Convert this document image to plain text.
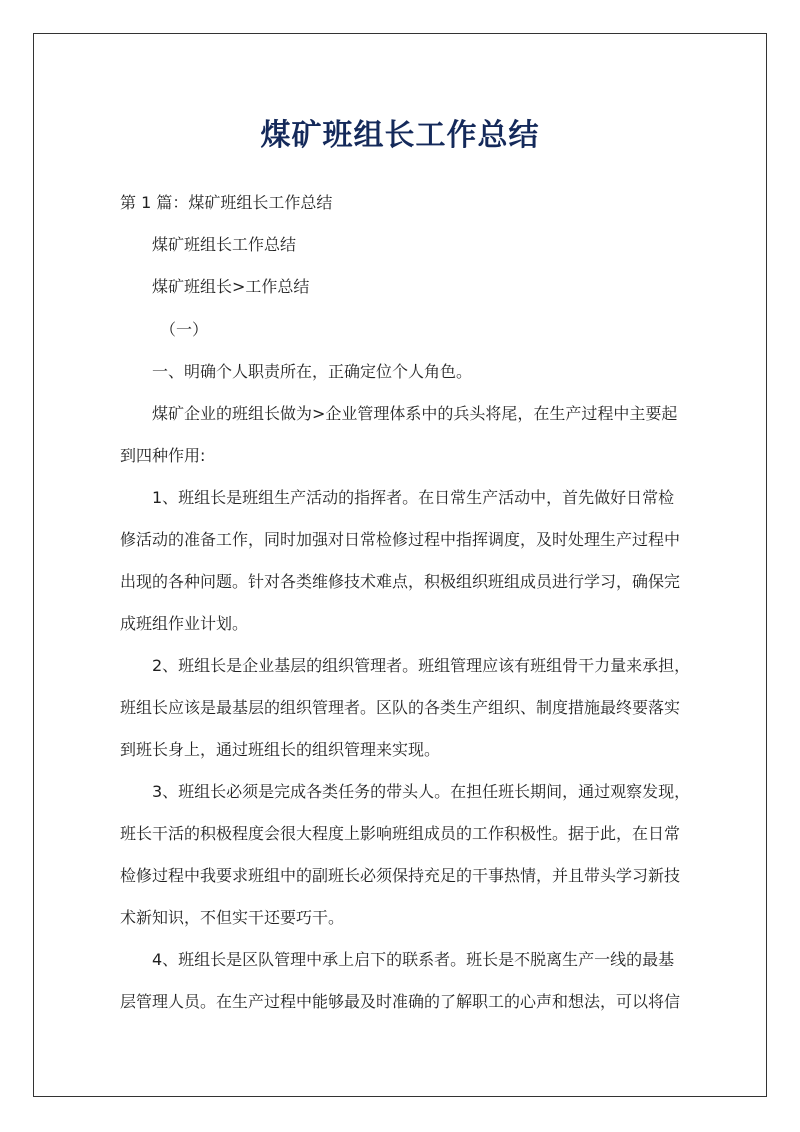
煤矿班组长工作总结

第 1 篇：煤矿班组长工作总结

煤矿班组长工作总结

煤矿班组长>工作总结

（一）

一、明确个人职责所在，正确定位个人角色。

煤矿企业的班组长做为>企业管理体系中的兵头将尾，在生产过程中主要起

到四种作用:

1、班组长是班组生产活动的指挥者。在日常生产活动中，首先做好日常检

修活动的准备工作，同时加强对日常检修过程中指挥调度，及时处理生产过程中

出现的各种问题。针对各类维修技术难点，积极组织班组成员进行学习，确保完

成班组作业计划。

2、班组长是企业基层的组织管理者。班组管理应该有班组骨干力量来承担，

班组长应该是最基层的组织管理者。区队的各类生产组织、制度措施最终要落实

到班长身上，通过班组长的组织管理来实现。

3、班组长必须是完成各类任务的带头人。在担任班长期间，通过观察发现，

班长干活的积极程度会很大程度上影响班组成员的工作积极性。据于此，在日常

检修过程中我要求班组中的副班长必须保持充足的干事热情，并且带头学习新技

术新知识，不但实干还要巧干。

4、班组长是区队管理中承上启下的联系者。班长是不脱离生产一线的最基

层管理人员。在生产过程中能够最及时准确的了解职工的心声和想法，可以将信
